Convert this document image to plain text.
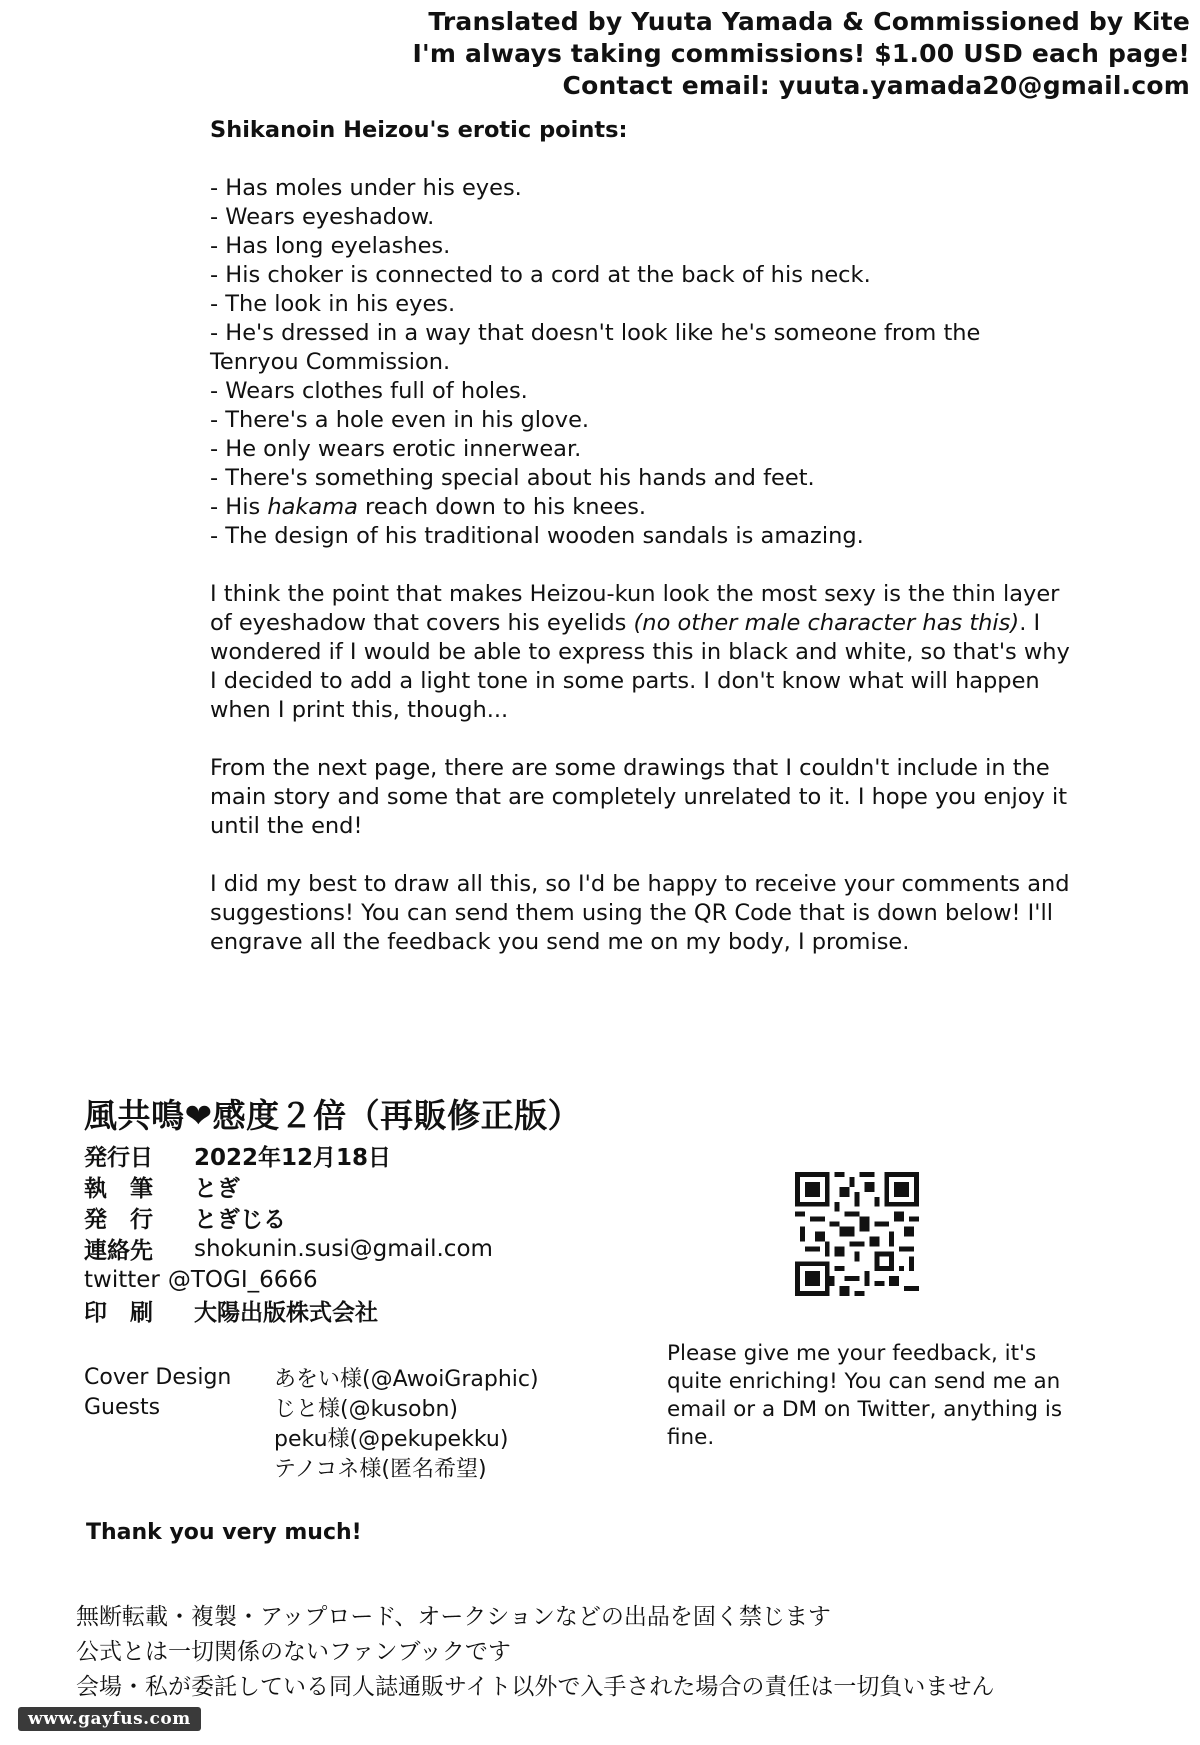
Translated by Yuuta Yamada & Commissioned by Kite
I'm always taking commissions! $1.00 USD each page!
Contact email: yuuta.yamada20@gmail.com
Shikanoin Heizou's erotic points:
- Has moles under his eyes.
- Wears eyeshadow.
- Has long eyelashes.
- His choker is connected to a cord at the back of his neck.
- The look in his eyes.
- He's dressed in a way that doesn't look like he's someone from the Tenryou Commission.
- Wears clothes full of holes.
- There's a hole even in his glove.
- He only wears erotic innerwear.
- There's something special about his hands and feet.
- His hakama reach down to his knees.
- The design of his traditional wooden sandals is amazing.

I think the point that makes Heizou-kun look the most sexy is the thin layer of eyeshadow that covers his eyelids (no other male character has this). I wondered if I would be able to express this in black and white, so that's why I decided to add a light tone in some parts. I don't know what will happen when I print this, though...

From the next page, there are some drawings that I couldn't include in the main story and some that are completely unrelated to it. I hope you enjoy it until the end!

I did my best to draw all this, so I'd be happy to receive your comments and suggestions! You can send them using the QR Code that is down below! I'll engrave all the feedback you send me on my body, I promise.

風共鳴❤感度２倍（再販修正版）
発行日	2022年12月18日
執　筆	とぎ
発　行	とぎじる
連絡先	shokunin.susi@gmail.com
twitter @TOGI_6666
印　刷	大陽出版株式会社
Cover Design	あをい様(@AwoiGraphic)
Guests	じと様(@kusobn)
peku様(@pekupekku)
テノコネ様(匿名希望)
Thank you very much!
Please give me your feedback, it's quite enriching! You can send me an email or a DM on Twitter, anything is fine.
無断転載・複製・アップロード、オークションなどの出品を固く禁じます
公式とは一切関係のないファンブックです
会場・私が委託している同人誌通販サイト以外で入手された場合の責任は一切負いません
www.gayfus.com
